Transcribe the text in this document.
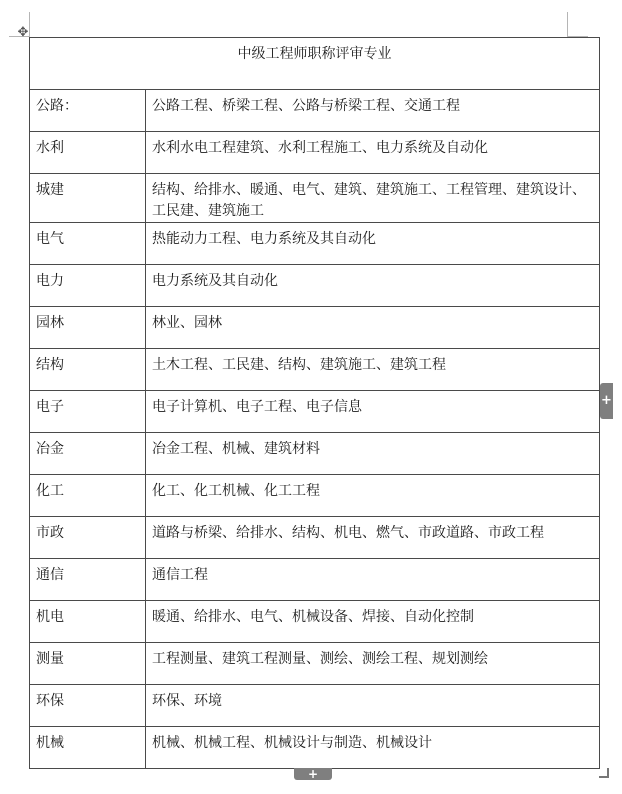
✥
中级工程师职称评审专业	
公路：	公路工程、桥梁工程、公路与桥梁工程、交通工程
水利	水利水电工程建筑、水利工程施工、电力系统及自动化
城建	结构、给排水、暖通、电气、建筑、建筑施工、工程管理、建筑设计、工民建、建筑施工
电气	热能动力工程、电力系统及其自动化
电力	电力系统及其自动化
园林	林业、园林
结构	土木工程、工民建、结构、建筑施工、建筑工程
电子	电子计算机、电子工程、电子信息
冶金	冶金工程、机械、建筑材料
化工	化工、化工机械、化工工程
市政	道路与桥梁、给排水、结构、机电、燃气、市政道路、市政工程
通信	通信工程
机电	暖通、给排水、电气、机械设备、焊接、自动化控制
测量	工程测量、建筑工程测量、测绘、测绘工程、规划测绘
环保	环保、环境
机械	机械、机械工程、机械设计与制造、机械设计
+
+
